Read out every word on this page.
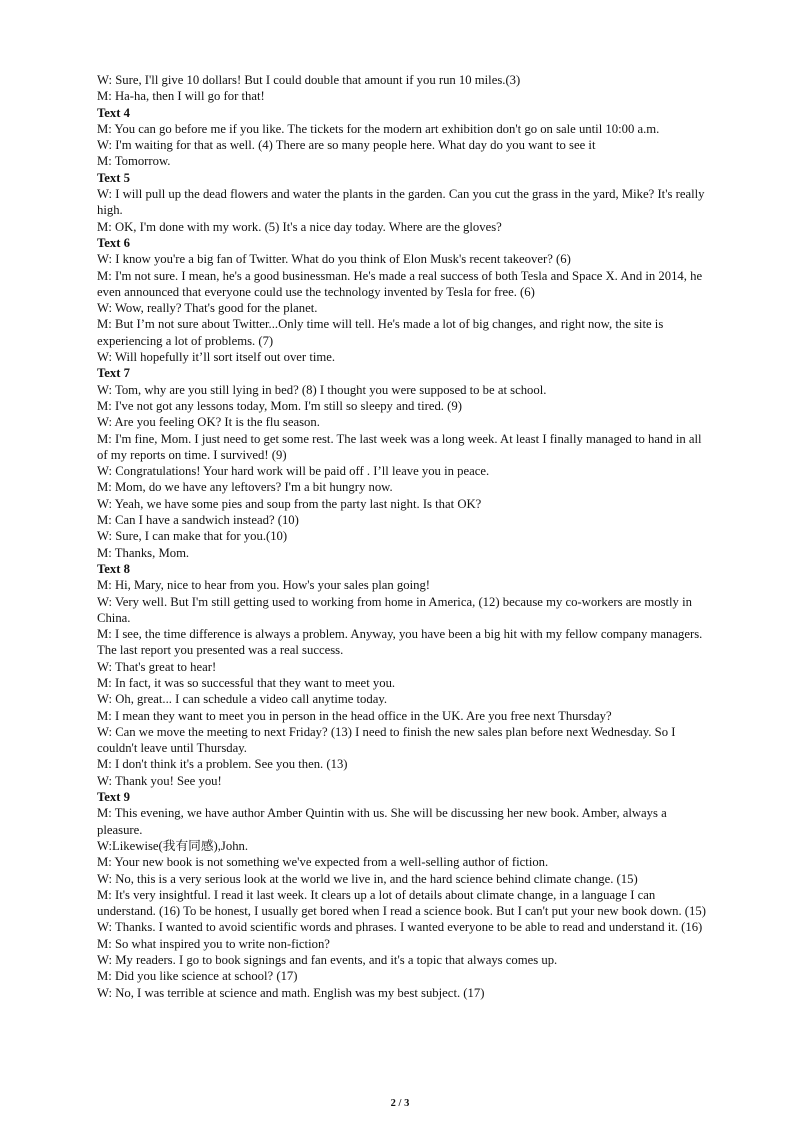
W: Sure, I'll give 10 dollars! But I could double that amount if you run 10 miles.(3)
M: Ha-ha, then I will go for that!
Text 4
M: You can go before me if you like. The tickets for the modern art exhibition don't go on sale until 10:00 a.m.
W: I'm waiting for that as well. (4) There are so many people here. What day do you want to see it
M: Tomorrow.
Text 5
W: I will pull up the dead flowers and water the plants in the garden. Can you cut the grass in the yard, Mike? It's really high.
M: OK, I'm done with my work. (5) It's a nice day today. Where are the gloves?
Text 6
W: I know you're a big fan of Twitter. What do you think of Elon Musk's recent takeover? (6)
M: I'm not sure. I mean, he's a good businessman. He's made a real success of both Tesla and Space X. And in 2014, he even announced that everyone could use the technology invented by Tesla for free. (6)
W: Wow, really? That's good for the planet.
M: But I’m not sure about Twitter...Only time will tell. He's made a lot of big changes, and right now, the site is experiencing a lot of problems. (7)
W: Will hopefully it’ll sort itself out over time.
Text 7
W: Tom, why are you still lying in bed? (8) I thought you were supposed to be at school.
M: I've not got any lessons today, Mom. I'm still so sleepy and tired. (9)
W: Are you feeling OK? It is the flu season.
M: I'm fine, Mom. I just need to get some rest. The last week was a long week. At least I finally managed to hand in all of my reports on time. I survived! (9)
W: Congratulations! Your hard work will be paid off . I’ll leave you in peace.
M: Mom, do we have any leftovers? I'm a bit hungry now.
W: Yeah, we have some pies and soup from the party last night. Is that OK?
M: Can I have a sandwich instead? (10)
W: Sure, I can make that for you.(10)
M: Thanks, Mom.
Text 8
M: Hi, Mary, nice to hear from you. How's your sales plan going!
W: Very well. But I'm still getting used to working from home in America, (12) because my co-workers are mostly in China.
M: I see, the time difference is always a problem. Anyway, you have been a big hit with my fellow company managers. The last report you presented was a real success.
W: That's great to hear!
M: In fact, it was so successful that they want to meet you.
W: Oh, great... I can schedule a video call anytime today.
M: I mean they want to meet you in person in the head office in the UK. Are you free next Thursday?
W: Can we move the meeting to next Friday? (13) I need to finish the new sales plan before next Wednesday. So I couldn't leave until Thursday.
M: I don't think it's a problem. See you then. (13)
W: Thank you! See you!
Text 9
M: This evening, we have author Amber Quintin with us. She will be discussing her new book. Amber, always a pleasure.
W:Likewise(我有同感),John.
M: Your new book is not something we've expected from a well-selling author of fiction.
W: No, this is a very serious look at the world we live in, and the hard science behind climate change. (15)
M: It's very insightful. I read it last week. It clears up a lot of details about climate change, in a language I can understand. (16) To be honest, I usually get bored when I read a science book. But I can't put your new book down. (15)
W: Thanks. I wanted to avoid scientific words and phrases. I wanted everyone to be able to read and understand it. (16)
M: So what inspired you to write non-fiction?
W: My readers. I go to book signings and fan events, and it's a topic that always comes up.
M: Did you like science at school? (17)
W: No, I was terrible at science and math. English was my best subject. (17)
2 / 3
